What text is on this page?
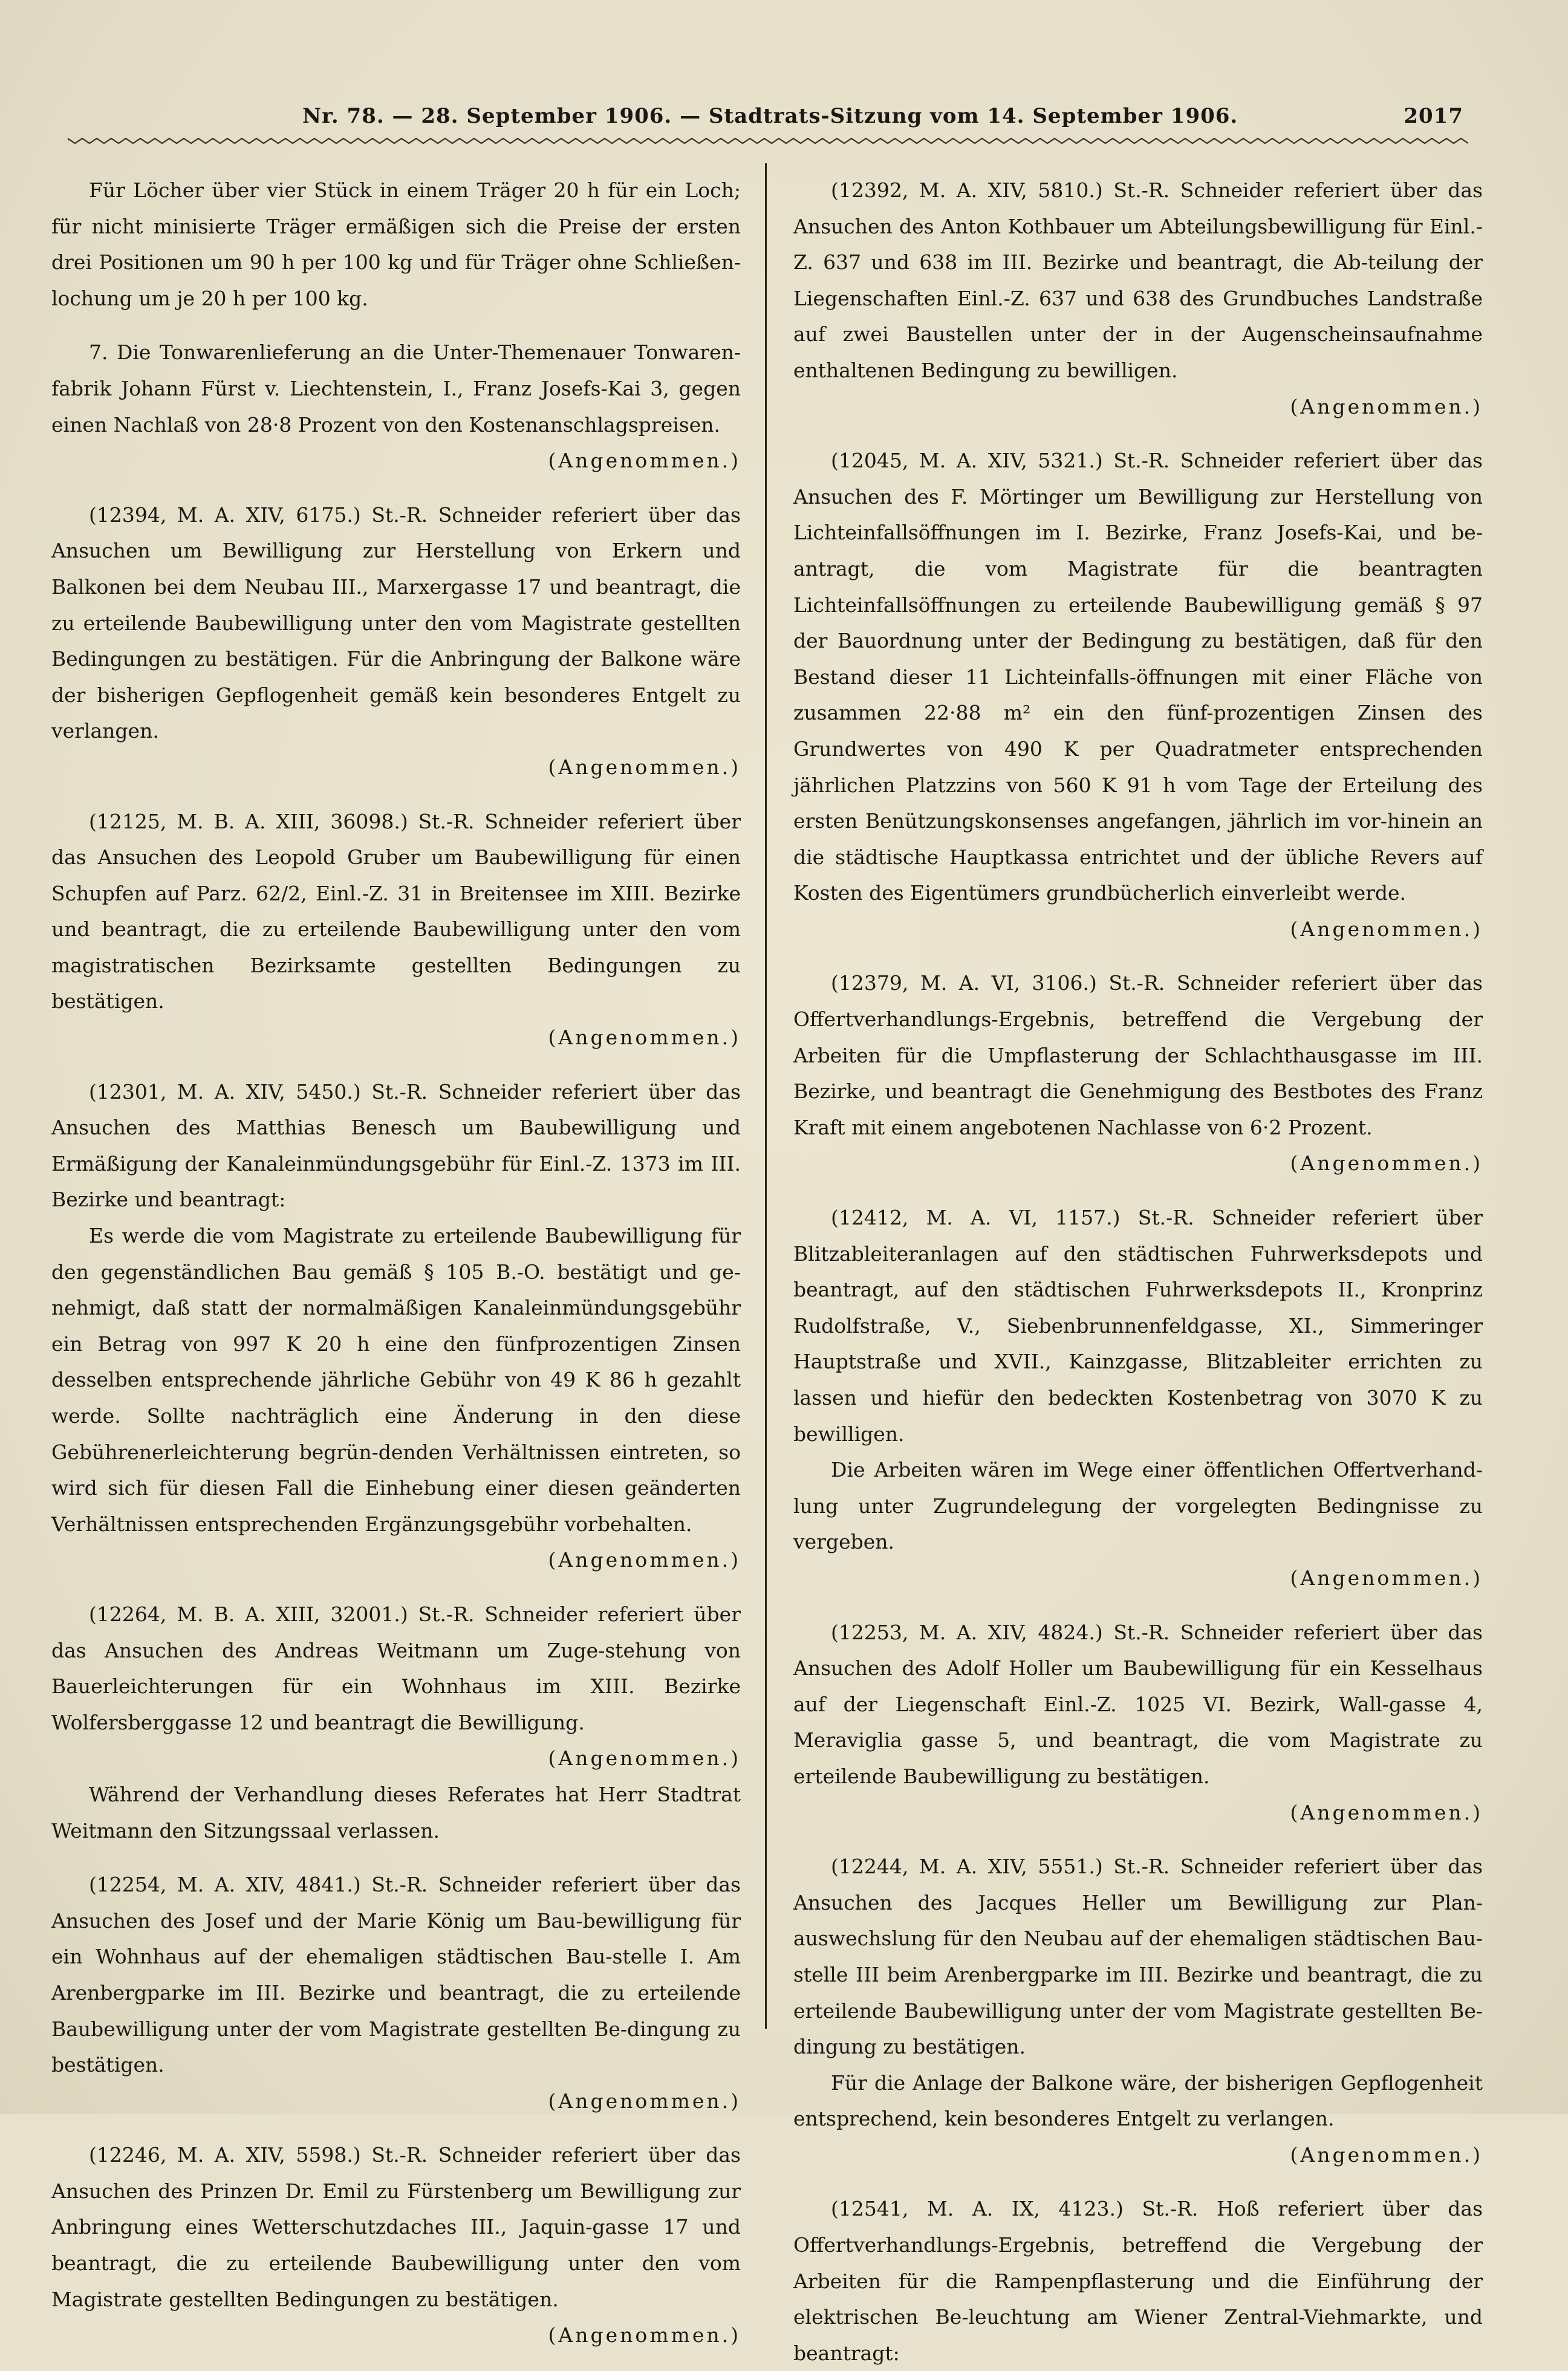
Nr. 78. — 28. September 1906. — Stadtrats-Sitzung vom 14. September 1906.	2017
Für Löcher über vier Stück in einem Träger 20 h für ein Loch; für nicht minisierte Träger ermäßigen sich die Preise der ersten drei Positionen um 90 h per 100 kg und für Träger ohne Schließen-lochung um je 20 h per 100 kg.
7. Die Tonwarenlieferung an die Unter-Themenauer Tonwaren-fabrik Johann Fürst v. Liechtenstein, I., Franz Josefs-Kai 3, gegen einen Nachlaß von 28·8 Prozent von den Kostenanschlagspreisen.
(Angenommen.)
(12394, M. A. XIV, 6175.) St.-R. Schneider referiert über das Ansuchen um Bewilligung zur Herstellung von Erkern und Balkonen bei dem Neubau III., Marxergasse 17 und beantragt, die zu erteilende Baubewilligung unter den vom Magistrate gestellten Bedingungen zu bestätigen. Für die Anbringung der Balkone wäre der bisherigen Gepflogenheit gemäß kein besonderes Entgelt zu verlangen.
(Angenommen.)
(12125, M. B. A. XIII, 36098.) St.-R. Schneider referiert über das Ansuchen des Leopold Gruber um Baubewilligung für einen Schupfen auf Parz. 62/2, Einl.-Z. 31 in Breitensee im XIII. Bezirke und beantragt, die zu erteilende Baubewilligung unter den vom magistratischen Bezirksamte gestellten Bedingungen zu bestätigen.
(Angenommen.)
(12301, M. A. XIV, 5450.) St.-R. Schneider referiert über das Ansuchen des Matthias Benesch um Baubewilligung und Ermäßigung der Kanaleinmündungsgebühr für Einl.-Z. 1373 im III. Bezirke und beantragt:
Es werde die vom Magistrate zu erteilende Baubewilligung für den gegenständlichen Bau gemäß § 105 B.-O. bestätigt und ge-nehmigt, daß statt der normalmäßigen Kanaleinmündungsgebühr ein Betrag von 997 K 20 h eine den fünfprozentigen Zinsen desselben entsprechende jährliche Gebühr von 49 K 86 h gezahlt werde. Sollte nachträglich eine Änderung in den diese Gebührenerleichterung begrün-denden Verhältnissen eintreten, so wird sich für diesen Fall die Einhebung einer diesen geänderten Verhältnissen entsprechenden Ergänzungsgebühr vorbehalten.
(Angenommen.)
(12264, M. B. A. XIII, 32001.) St.-R. Schneider referiert über das Ansuchen des Andreas Weitmann um Zuge-stehung von Bauerleichterungen für ein Wohnhaus im XIII. Bezirke Wolfersberggasse 12 und beantragt die Bewilligung.
(Angenommen.)
Während der Verhandlung dieses Referates hat Herr Stadtrat Weitmann den Sitzungssaal verlassen.
(12254, M. A. XIV, 4841.) St.-R. Schneider referiert über das Ansuchen des Josef und der Marie König um Bau-bewilligung für ein Wohnhaus auf der ehemaligen städtischen Bau-stelle I. Am Arenbergparke im III. Bezirke und beantragt, die zu erteilende Baubewilligung unter der vom Magistrate gestellten Be-dingung zu bestätigen.
(Angenommen.)
(12246, M. A. XIV, 5598.) St.-R. Schneider referiert über das Ansuchen des Prinzen Dr. Emil zu Fürstenberg um Bewilligung zur Anbringung eines Wetterschutzdaches III., Jaquin-gasse 17 und beantragt, die zu erteilende Baubewilligung unter den vom Magistrate gestellten Bedingungen zu bestätigen.
(Angenommen.)
(12392, M. A. XIV, 5810.) St.-R. Schneider referiert über das Ansuchen des Anton Kothbauer um Abteilungsbewilligung für Einl.-Z. 637 und 638 im III. Bezirke und beantragt, die Ab-teilung der Liegenschaften Einl.-Z. 637 und 638 des Grundbuches Landstraße auf zwei Baustellen unter der in der Augenscheinsaufnahme enthaltenen Bedingung zu bewilligen.
(Angenommen.)
(12045, M. A. XIV, 5321.) St.-R. Schneider referiert über das Ansuchen des F. Mörtinger um Bewilligung zur Herstellung von Lichteinfallsöffnungen im I. Bezirke, Franz Josefs-Kai, und be-antragt, die vom Magistrate für die beantragten Lichteinfallsöffnungen zu erteilende Baubewilligung gemäß § 97 der Bauordnung unter der Bedingung zu bestätigen, daß für den Bestand dieser 11 Lichteinfalls-öffnungen mit einer Fläche von zusammen 22·88 m² ein den fünf-prozentigen Zinsen des Grundwertes von 490 K per Quadratmeter entsprechenden jährlichen Platzzins von 560 K 91 h vom Tage der Erteilung des ersten Benützungskonsenses angefangen, jährlich im vor-hinein an die städtische Hauptkassa entrichtet und der übliche Revers auf Kosten des Eigentümers grundbücherlich einverleibt werde.
(Angenommen.)
(12379, M. A. VI, 3106.) St.-R. Schneider referiert über das Offertverhandlungs-Ergebnis, betreffend die Vergebung der Arbeiten für die Umpflasterung der Schlachthausgasse im III. Bezirke, und beantragt die Genehmigung des Bestbotes des Franz Kraft mit einem angebotenen Nachlasse von 6·2 Prozent.
(Angenommen.)
(12412, M. A. VI, 1157.) St.-R. Schneider referiert über Blitzableiteranlagen auf den städtischen Fuhrwerksdepots und beantragt, auf den städtischen Fuhrwerksdepots II., Kronprinz Rudolfstraße, V., Siebenbrunnenfeldgasse, XI., Simmeringer Hauptstraße und XVII., Kainzgasse, Blitzableiter errichten zu lassen und hiefür den bedeckten Kostenbetrag von 3070 K zu bewilligen.
Die Arbeiten wären im Wege einer öffentlichen Offertverhand-lung unter Zugrundelegung der vorgelegten Bedingnisse zu vergeben.
(Angenommen.)
(12253, M. A. XIV, 4824.) St.-R. Schneider referiert über das Ansuchen des Adolf Holler um Baubewilligung für ein Kesselhaus auf der Liegenschaft Einl.-Z. 1025 VI. Bezirk, Wall-gasse 4, Meraviglia gasse 5, und beantragt, die vom Magistrate zu erteilende Baubewilligung zu bestätigen.
(Angenommen.)
(12244, M. A. XIV, 5551.) St.-R. Schneider referiert über das Ansuchen des Jacques Heller um Bewilligung zur Plan-auswechslung für den Neubau auf der ehemaligen städtischen Bau-stelle III beim Arenbergparke im III. Bezirke und beantragt, die zu erteilende Baubewilligung unter der vom Magistrate gestellten Be-dingung zu bestätigen.
Für die Anlage der Balkone wäre, der bisherigen Gepflogenheit entsprechend, kein besonderes Entgelt zu verlangen.
(Angenommen.)
(12541, M. A. IX, 4123.) St.-R. Hoß referiert über das Offertverhandlungs-Ergebnis, betreffend die Vergebung der Arbeiten für die Rampenpflasterung und die Einführung der elektrischen Be-leuchtung am Wiener Zentral-Viehmarkte, und beantragt:
